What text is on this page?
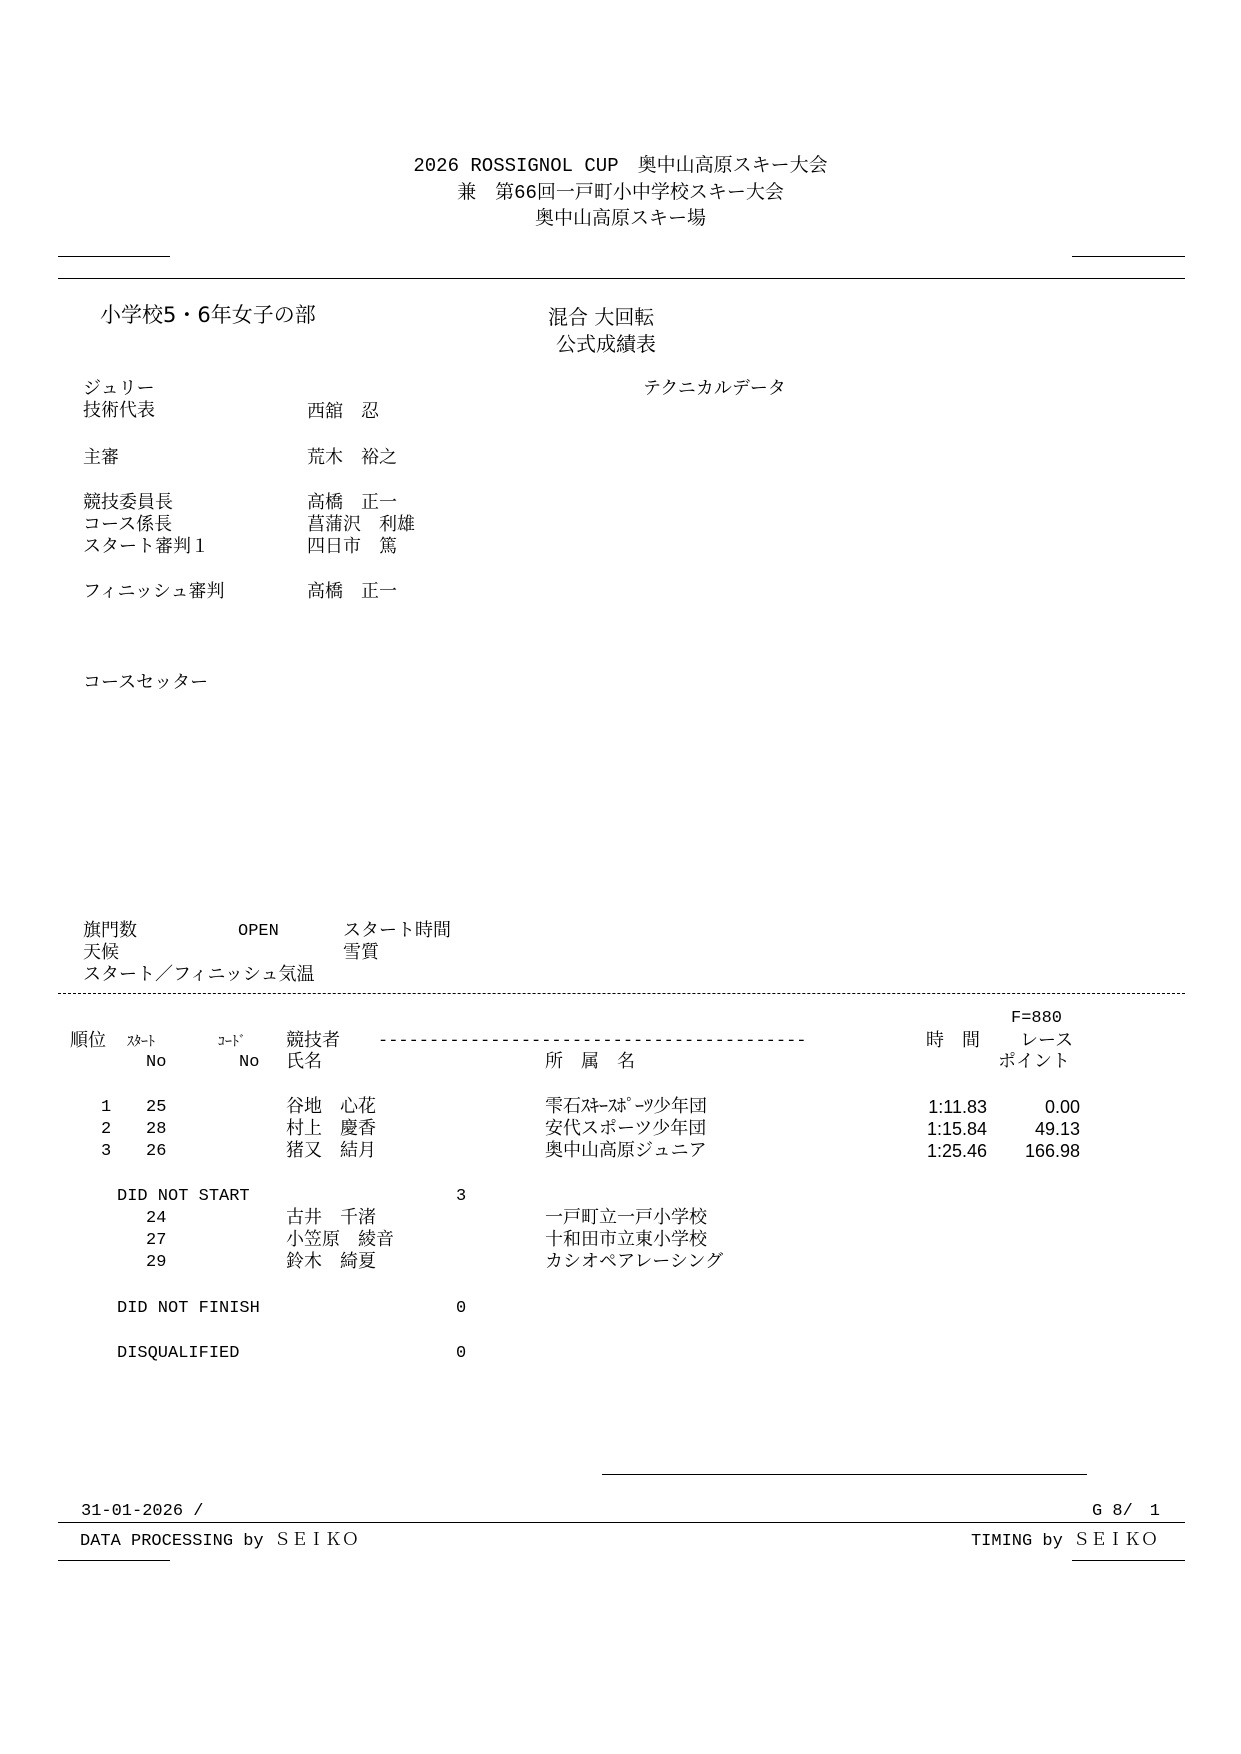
2026 ROSSIGNOL CUP　奥中山高原スキー大会
兼　第66回一戸町小中学校スキー大会
奥中山高原スキー場
小学校5・6年女子の部	混合 大回転
公式成績表
ジュリー	テクニカルデータ
技術代表	西舘　忍
主審	荒木　裕之
競技委員長	高橋　正一
コース係長	菖蒲沢　利雄
スタート審判１	四日市　篤
フィニッシュ審判	高橋　正一
コースセッター
旗門数	OPEN	スタート時間
天候	雪質
スタート／フィニッシュ気温
F=880
順位 ｽﾀｰﾄ	ｺｰﾄﾞ 競技者 ------------------------------------------	時　間 レース
No	No 氏名	所　属　名	ポイント
1 25	谷地　心花	雫石ｽｷｰｽﾎﾟｰﾂ少年団	1:11.83	0.00
2 28	村上　慶香	安代スポーツ少年団	1:15.84	49.13
3 26	猪又　結月	奥中山高原ジュニア	1:25.46	166.98
DID NOT START	3
24	古井　千渚	一戸町立一戸小学校
27	小笠原　綾音	十和田市立東小学校
29	鈴木　綺夏	カシオペアレーシング
DID NOT FINISH	0
DISQUALIFIED	0
31-01-2026 /	G 8/　1
DATA PROCESSING by ＳＥＩＫＯ	TIMING by ＳＥＩＫＯ
